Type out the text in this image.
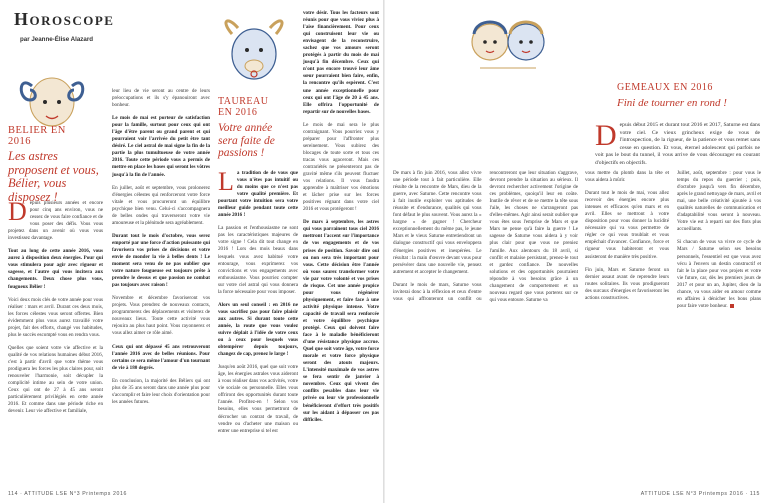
Horoscope
par Jeanne-Élise Alazard
BELIER EN 2016
Les astres proposent et vous, Bélier, vous disposez !

Depuis plusieurs années et encore pour cinq ans environ, vous ne cessez de vous faire confiance et de vous poser des défis. Vous vous projetez dans un avenir où vous vous investissez davantage.

Tout au long de cette année 2016, vous aurez à disposition deux énergies. Pour qui vous stimulera pour agir avec rigueur et sagesse, et l'autre qui vous incitera aux changements. Deux chose plus vous, fougueux Bélier !

Voici deux mois clés de votre année pour vous réaliser : mars et avril. Durant ces deux mois, les forces célestes vous seront offertes. Bien évidemment plus vous aurez travaillé votre projet, fait des efforts, changé vos habitudes, plus le succès escompté vous en rendra vous.

Quelles que soient votre vie affective et la qualité de vos relations humaines début 2016, c'est à partir d'avril que votre thème vous prodiguera les forces les plus claires pour, soit renouveler l'harmonie, soit décupler la complicité intime au sein de votre union. Ceux qui ont de 27 à 45 ans seront particulièrement privilégiés en cette année 2016. Et comme dans une période riche en devenir. Leur vie affective et familiale,

leur lieu de vie seront au centre de leurs préoccupations et ils s'y épanouiront avec bonheur.

Le mois de mai est porteur de satisfaction pour la famille, surtout pour ceux qui ont l'âge d'être parent ou grand parent et qui pourraient voir l'arrivée du petit être tant désiré. Le ciel astral de mai signe la fin de la partie la plus tumultueuse de votre année 2016. Toute cette période vous a permis de mettre en place les bases qui seront les vôtres jusqu'à la fin de l'année.

En juillet, août et septembre, vous prolonerez d'énergies célestes qui renforceront votre force vitale et vous procureront un équilibre psychique bien venu. Celui-ci s'accompagnera de belles ondes qui traverseront votre vie amoureuse et la plénitude sera agréablement.

Durant tout le mois d'octobre, vous serez emporté par une force d'action puissante qui favorisera vos prises de décisions et votre envie de monder la vie à belles dents ! Le moment sera venu de ne pas oublier que votre nature fougueuse est toujours prête à prendre le dessus et que passion ne combat pas toujours avec raison !

Novembre et décembre favoriseront vos projets. Vous prendrez de nouveaux contacts, programmerez des déplacements et visiterez de nouveaux lieux. Toute cette activité vous rejouira au plus haut point. Vous rayonnerez et vous allez aimer ce rôle aimé.

Ceux qui ont dépassé 45 ans retrouveront l'année 2016 avec de belles réunions. Pour certains ce sera même l'amour d'un tournant de vie à 180 degrés.

En conclusion, la majorité des Béliers qui ont plus de 35 ans seront dans une année plus pour s'accomplir et faire leur choix d'orientation pour les années futures.

TAUREAU EN 2016
Votre année sera faite de passions !

La tradition de de vous que vous n'êtes pas intuitif ou du moins que ce n'est pas votre qualité première. Et pourtant votre intuition sera votre meilleur guide pendant toute cette année 2016 !

La passion et l'enthousiasme ne sont pas les caractéristiques majeures de votre signe ! Cela dit tout change en 2016 ! Lors des mois beaux dans lesquels vous avez habitué votre entourage, vous exprimerez vos convictions et vos engagements avec enthousiasme. Vous pourriez compter sur votre ciel astral qui vous donnera la force nécessaire pour vous imposer.

Alors un seul conseil : en 2016 ne vous sacrifiez pas pour faire plaisir aux autres. Si durant toute cette année, la route que vous voulez suivre déplait à l'idée de votre ceux ou à ceux pour lesquels vous obtempérer depuis toujours, changez de cap, prenez le large !

Jusqu'en août 2016, quel que soit votre âge, les énergies astrales vous aideront à vous réaliser dans vos activités, votre vie sociale ou personnelle. Elles vous offriront des opportunités durant toute l'année. Profitez-en ! Selon vos besoins, elles vous permettront de décrocher un contrat de travail, de vendre ou d'acheter une maison ou entrer une entreprise si tel est

votre désir. Tous les facteurs sont réunis pour que vous viviez plus à l'aise financièrement. Pour ceux qui construisent leur vie ou envisagent de la reconstruire, sachez que vos amours seront protégés à partir du mois de mai jusqu'à fin décembre. Ceux qui n'ont pas encore trouvé leur âme sœur pourraient bien faire, enfin, la rencontre qu'ils espèrent. C'est une année exceptionnelle pour ceux qui ont l'âge de 20 à 45 ans. Elle offrira l'opportunité de repartir sur de nouvelles bases.

Le mois de mai sera le plus contraignant. Vous pourriez vous y préparer pour l'affronter plus sereinement. Vous subirez des blocages de toute sorte et tous ces tracas vous agaceront. Mais ces contrariétés ne présenteront pas de gravité même s'ils peuvent fluctuer vos relations. Il vous faudra apprendre à maîtriser vos émotions et lâcher prise sur les forces positives régnant dans votre ciel 2016 et vous protégeront !

De mars à septembre, les astres qui vous parrainent tous ciel 2016 mettront l'accent sur l'importance de vos engagements et de vos prises de position. Savoir dire oui ou non sera très important pour vous. Cette décision être l'année où vous saurez transformer votre vie par votre volonté et vos prises de risque. Cet une année propice pour vous régénérer physiquement, et faire face à une activité physique intense. Votre capacité de travail sera renforcée et votre équilibre psychique protégé. Ceux qui doivent faire face à le maladie bénéficieront d'une résistance physique accrue. Quel que soit votre âge, votre force morale et votre force physique seront des atouts majeurs. L'intensité maximale de vos astres se fera sentir de janvier à novembre. Ceux qui vivent des conflits pesables dans leur vie privée ou leur vie professionnelle bénéficieront d'effort très positifs sur les aidant à dépasser ces pas difficiles.

114 · ATTITUDE LSE N°3 Printemps 2016
GEMEAUX EN 2016
Fini de tourner en rond !

Depuis début 2015 et durant tout 2016 et 2017, Saturne est dans votre ciel. Ce vieux grincheux exige de vous de l'introspection, de la rigueur, de la patience et vous remet sans cesse en question. Et vous, éternel adolescent qui parfois ne voit pas le bout du tunnel, il vous arrive de vous décourager en courant d'objectifs en objectifs.

De mars à fin juin 2016, vous allez vivre une période tout à fait particulière. Elle résulte de la rencontre de Mars, dieu de la guerre, avec Saturne. Cette rencontre vous à fait inutile exploiter vos aptitudes de réussite et d'endurance, qualités qui vous font défaut le plus souvent. Vous aurez la « hargne » de gagner ! Chercheur exceptionnellement du même pas, le jeune Mars et le vieux Saturne entretiendront un dialogue constructif qui vous enveloppera d'énergies positives et inespérées. Le résultat : la main d'œuvre devant vous pour persévérer dans une nouvelle vie, pensez autrement et accepter le changement.

Durant le mois de mars, Saturne vous inviterai donc à la réflexion et ceux d'entre vous qui affronteront un conflit ou rencontreront que leur situation s'aggrave, devront prendre la situation au sérieux. Il devront rechercher activement l'origine de ces problèmes, quoiqu'il leur en coûte. Inutile de rêver et de se mettre la tête sous l'aile, les choses ne s'arrangeront pas d'elles-mêmes. Agir ainsi serait oublier que vous êtes sous l'emprise de Mars et que Mars ne pense qu'à faire la guerre ! Le sagesse de Saturne vous aidera à y voir plus clair pour que vous ne preniez l'amille. Aux alentours du 18 avril, si conflit et malaise persistant, prenez-le tout et gardez confiance. De nouvelles solutions et des opportunités pourraient répondre à vos besoins grâce à un changement de comportement et un nouveau regard que vous porterez sur ce qui vous entoure. Saturne va

vous mettre du plomb dans la tête et vous aidera à mûrir.

Durant tout le mois de mai, vous allez recevoir des énergies encore plus intenses et efficaces qu'en mars et en avril. Elles se mettront à votre disposition pour vous donner la lucidité nécessaire qui va vous permettre de régler ce qui vous troublait et vous empêchait d'avancer. Confiance, force et rigueur vous habiteront et vous assisteront de manière très positive.

Fin juin, Mars et Saturne feront un dernier assaut avant de reprendre leurs routes solitaires. Ils vous prodigueront des surcaux d'énergies et favoriseront les actions constructives.

Juillet, août, septembre : pour vous le temps du repos du guerrier ; puis, d'octobre jusqu'à vers fin décembre, après le grand nettoyage de mars, avril et mai, une belle créativité ajoutée à vos qualités naturelles de communication et d'adaptabilité vous seront à nouveau. Votre vie est à reparti sur des flots plus accueillants.

Si chacun de vous va vivre ce cycle de Mars / Saturne selon ses besoins personnels, l'essentiel est que vous avez vécu à l'envers un destin constructif et fait le la place pour vos projets et votre vie future, car, dès les premiers jours de 2017 et pour un an, Jupiter, dieu de la chance, va vous aider en amour comme en affaires à dénicher les bons plans pour faire votre bonheur.

ATTITUDE LSE N°3 Printemps 2016 · 115
